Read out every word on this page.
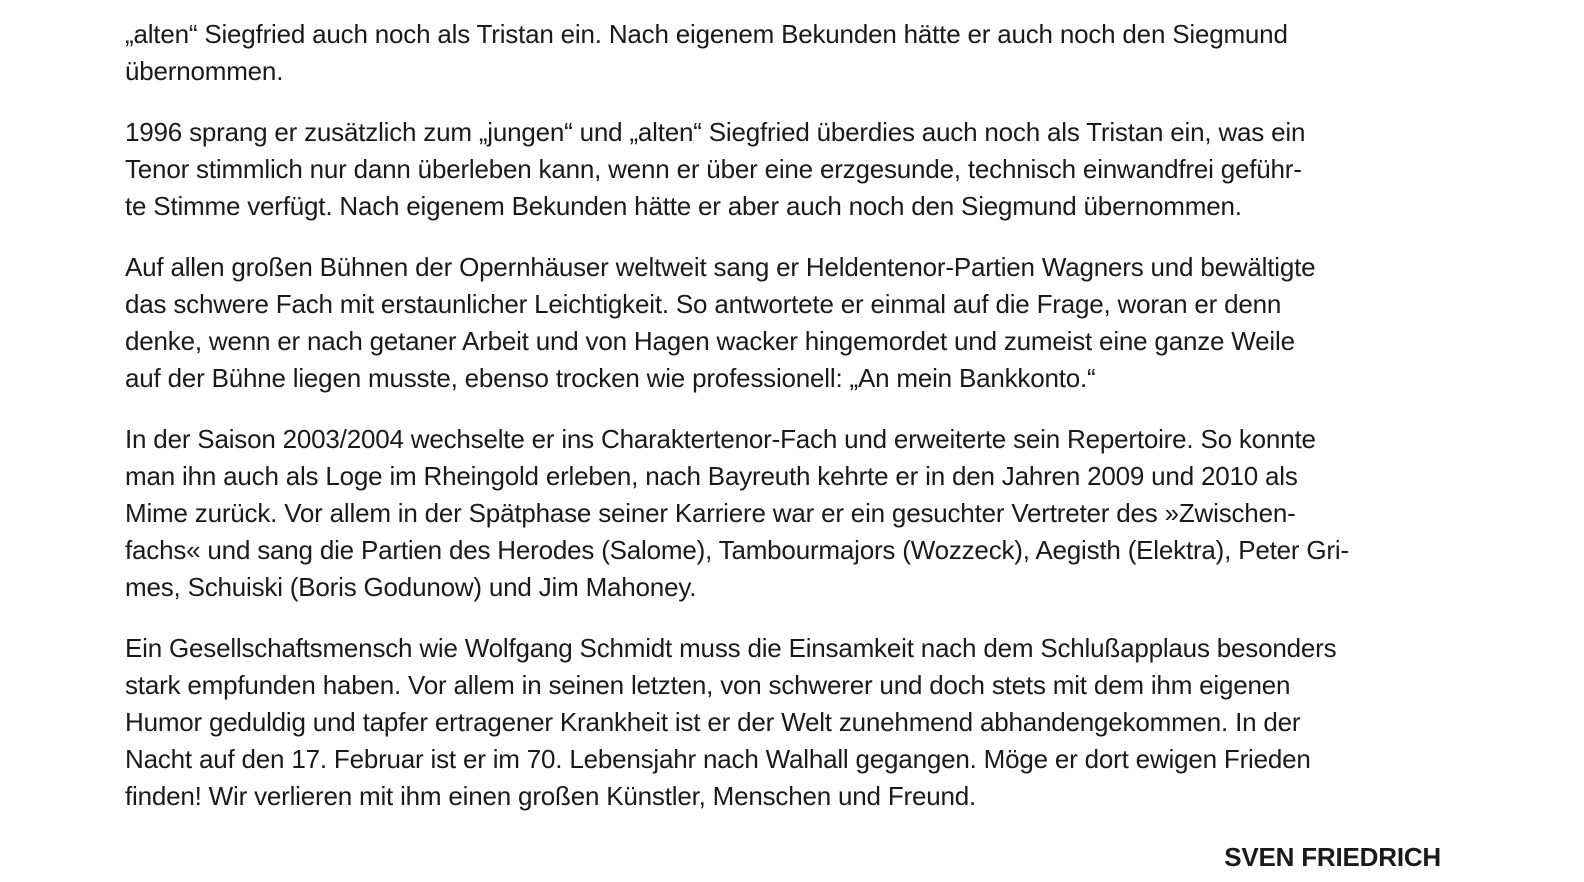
„alten“ Siegfried auch noch als Tristan ein. Nach eigenem Bekunden hätte er auch noch den Siegmund
übernommen.

1996 sprang er zusätzlich zum „jungen“ und „alten“ Siegfried überdies auch noch als Tristan ein, was ein
Tenor stimmlich nur dann überleben kann, wenn er über eine erzgesunde, technisch einwandfrei geführ-
te Stimme verfügt. Nach eigenem Bekunden hätte er aber auch noch den Siegmund übernommen.

Auf allen großen Bühnen der Opernhäuser weltweit sang er Heldentenor-Partien Wagners und bewältigte
das schwere Fach mit erstaunlicher Leichtigkeit. So antwortete er einmal auf die Frage, woran er denn
denke, wenn er nach getaner Arbeit und von Hagen wacker hingemordet und zumeist eine ganze Weile
auf der Bühne liegen musste, ebenso trocken wie professionell: „An mein Bankkonto.“

In der Saison 2003/2004 wechselte er ins Charaktertenor-Fach und erweiterte sein Repertoire. So konnte
man ihn auch als Loge im Rheingold erleben, nach Bayreuth kehrte er in den Jahren 2009 und 2010 als
Mime zurück. Vor allem in der Spätphase seiner Karriere war er ein gesuchter Vertreter des »Zwischen-
fachs« und sang die Partien des Herodes (Salome), Tambourmajors (Wozzeck), Aegisth (Elektra), Peter Gri-
mes, Schuiski (Boris Godunow) und Jim Mahoney.

Ein Gesellschaftsmensch wie Wolfgang Schmidt muss die Einsamkeit nach dem Schlußapplaus besonders
stark empfunden haben. Vor allem in seinen letzten, von schwerer und doch stets mit dem ihm eigenen
Humor geduldig und tapfer ertragener Krankheit ist er der Welt zunehmend abhandengekommen. In der
Nacht auf den 17. Februar ist er im 70. Lebensjahr nach Walhall gegangen. Möge er dort ewigen Frieden
finden! Wir verlieren mit ihm einen großen Künstler, Menschen und Freund.

SVEN FRIEDRICH
